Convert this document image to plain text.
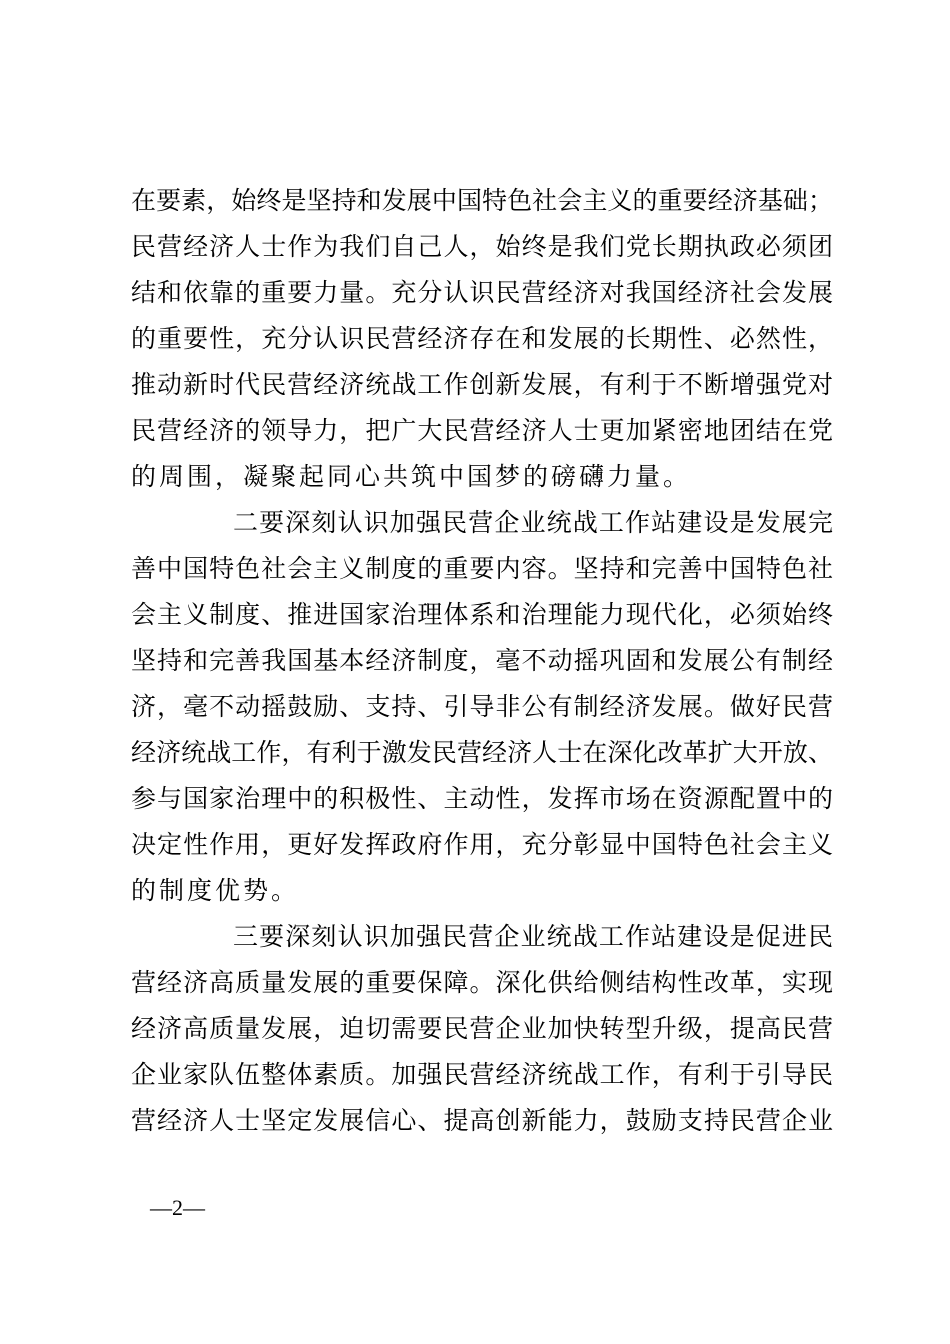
在要素，始终是坚持和发展中国特色社会主义的重要经济基础；
民营经济人士作为我们自己人，始终是我们党长期执政必须团
结和依靠的重要力量。充分认识民营经济对我国经济社会发展
的重要性，充分认识民营经济存在和发展的长期性、必然性，
推动新时代民营经济统战工作创新发展，有利于不断增强党对
民营经济的领导力，把广大民营经济人士更加紧密地团结在党
的周围，凝聚起同心共筑中国梦的磅礴力量。
二要深刻认识加强民营企业统战工作站建设是发展完
善中国特色社会主义制度的重要内容。坚持和完善中国特色社
会主义制度、推进国家治理体系和治理能力现代化，必须始终
坚持和完善我国基本经济制度，毫不动摇巩固和发展公有制经
济，毫不动摇鼓励、支持、引导非公有制经济发展。做好民营
经济统战工作，有利于激发民营经济人士在深化改革扩大开放、
参与国家治理中的积极性、主动性，发挥市场在资源配置中的
决定性作用，更好发挥政府作用，充分彰显中国特色社会主义
的制度优势。
三要深刻认识加强民营企业统战工作站建设是促进民
营经济高质量发展的重要保障。深化供给侧结构性改革，实现
经济高质量发展，迫切需要民营企业加快转型升级，提高民营
企业家队伍整体素质。加强民营经济统战工作，有利于引导民
营经济人士坚定发展信心、提高创新能力，鼓励支持民营企业
—2—
